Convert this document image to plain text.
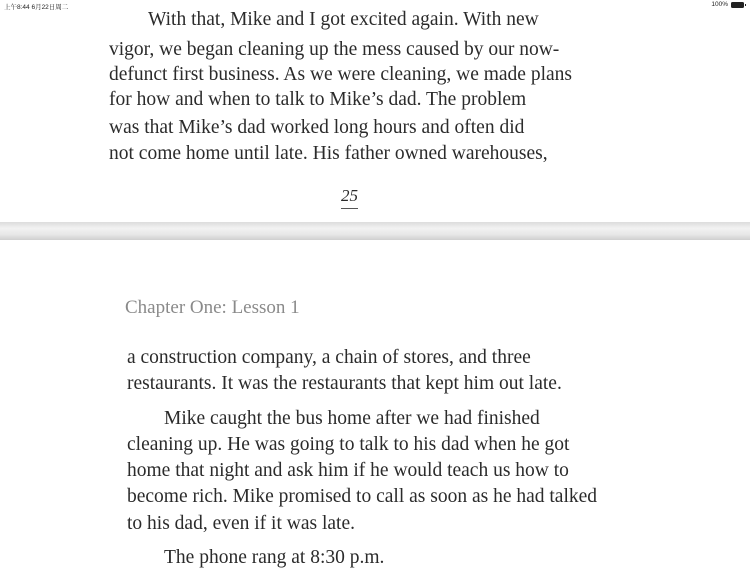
With that, Mike and I got excited again. With new
vigor, we began cleaning up the mess caused by our now-
defunct first business. As we were cleaning, we made plans
for how and when to talk to Mike’s dad. The problem
was that Mike’s dad worked long hours and often did
not come home until late. His father owned warehouses,
25
Chapter One: Lesson 1
a construction company, a chain of stores, and three
restaurants. It was the restaurants that kept him out late.
Mike caught the bus home after we had finished
cleaning up. He was going to talk to his dad when he got
home that night and ask him if he would teach us how to
become rich. Mike promised to call as soon as he had talked
to his dad, even if it was late.
The phone rang at 8:30 p.m.
上午8:44 6月22日周二	100%
